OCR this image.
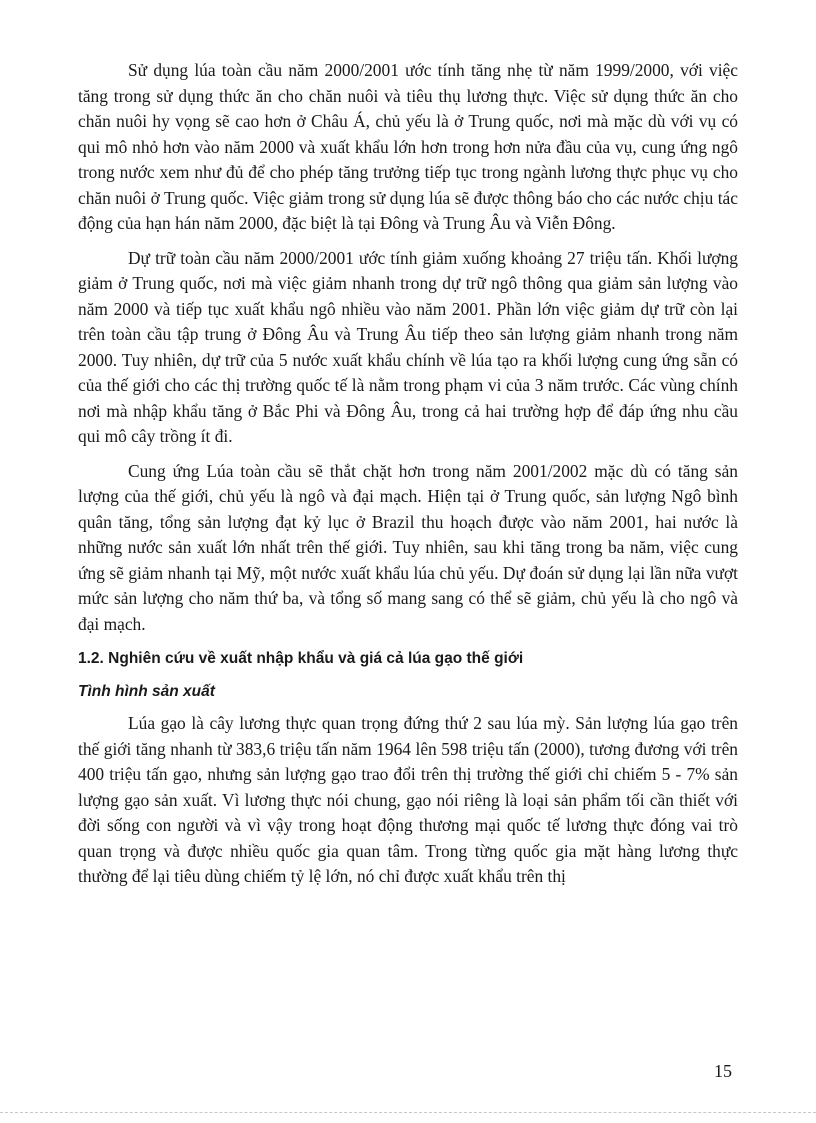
Sử dụng lúa toàn cầu năm 2000/2001 ước tính tăng nhẹ từ năm 1999/2000, với việc tăng trong sử dụng thức ăn cho chăn nuôi và tiêu thụ lương thực. Việc sử dụng thức ăn cho chăn nuôi hy vọng sẽ cao hơn ở Châu Á, chủ yếu là ở Trung quốc, nơi mà mặc dù với vụ có qui mô nhỏ hơn vào năm 2000 và xuất khẩu lớn hơn trong hơn nửa đầu của vụ, cung ứng ngô trong nước xem như đủ để cho phép tăng trưởng tiếp tục trong ngành lương thực phục vụ cho chăn nuôi ở Trung quốc. Việc giảm trong sử dụng lúa sẽ được thông báo cho các nước chịu tác động của hạn hán năm 2000, đặc biệt là tại Đông và Trung Âu và Viễn Đông.

Dự trữ toàn cầu năm 2000/2001 ước tính giảm xuống khoảng 27 triệu tấn. Khối lượng giảm ở Trung quốc, nơi mà việc giảm nhanh trong dự trữ ngô thông qua giảm sản lượng vào năm 2000 và tiếp tục xuất khẩu ngô nhiều vào năm 2001. Phần lớn việc giảm dự trữ còn lại trên toàn cầu tập trung ở Đông Âu và Trung Âu tiếp theo sản lượng giảm nhanh trong năm 2000. Tuy nhiên, dự trữ của 5 nước xuất khẩu chính về lúa tạo ra khối lượng cung ứng sẵn có của thế giới cho các thị trường quốc tế là nằm trong phạm vi của 3 năm trước. Các vùng chính nơi mà nhập khẩu tăng ở Bắc Phi và Đông Âu, trong cả hai trường hợp để đáp ứng nhu cầu qui mô cây trồng ít đi.

Cung ứng Lúa toàn cầu sẽ thắt chặt hơn trong năm 2001/2002 mặc dù có tăng sản lượng của thế giới, chủ yếu là ngô và đại mạch. Hiện tại ở Trung quốc, sản lượng Ngô bình quân tăng, tổng sản lượng đạt kỷ lục ở Brazil thu hoạch được vào năm 2001, hai nước là những nước sản xuất lớn nhất trên thế giới. Tuy nhiên, sau khi tăng trong ba năm, việc cung ứng sẽ giảm nhanh tại Mỹ, một nước xuất khẩu lúa chủ yếu. Dự đoán sử dụng lại lần nữa vượt mức sản lượng cho năm thứ ba, và tổng số mang sang có thể sẽ giảm, chủ yếu là cho ngô và đại mạch.

1.2. Nghiên cứu về xuất nhập khẩu và giá cả lúa gạo thế giới
Tình hình sản xuất

Lúa gạo là cây lương thực quan trọng đứng thứ 2 sau lúa mỳ. Sản lượng lúa gạo trên thế giới tăng nhanh từ 383,6 triệu tấn năm 1964 lên 598 triệu tấn (2000), tương đương với trên 400 triệu tấn gạo, nhưng sản lượng gạo trao đổi trên thị trường thế giới chỉ chiếm 5 - 7% sản lượng gạo sản xuất. Vì lương thực nói chung, gạo nói riêng là loại sản phẩm tối cần thiết với đời sống con người và vì vậy trong hoạt động thương mại quốc tế lương thực đóng vai trò quan trọng và được nhiều quốc gia quan tâm. Trong từng quốc gia mặt hàng lương thực thường để lại tiêu dùng chiếm tỷ lệ lớn, nó chỉ được xuất khẩu trên thị

15
